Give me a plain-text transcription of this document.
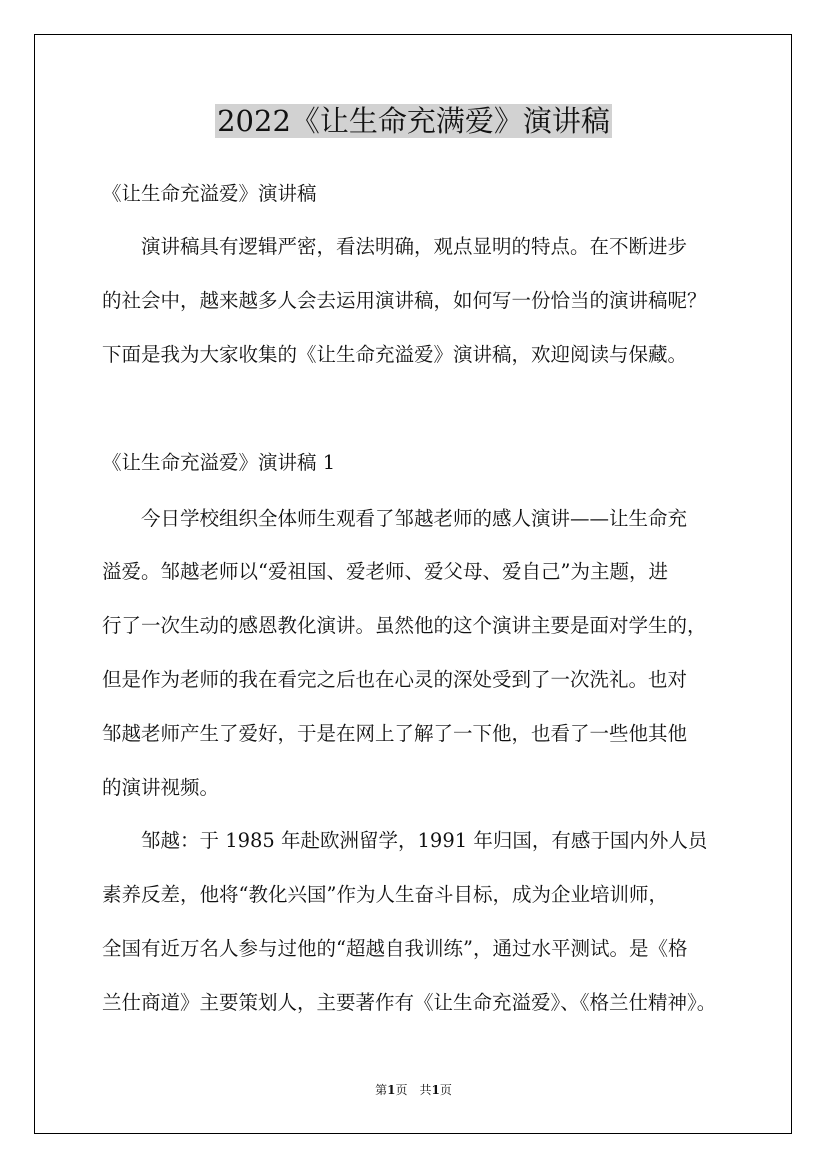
2022《让生命充满爱》演讲稿
《让生命充溢爱》演讲稿
演讲稿具有逻辑严密，看法明确，观点显明的特点。在不断进步
的社会中，越来越多人会去运用演讲稿，如何写一份恰当的演讲稿呢？
下面是我为大家收集的《让生命充溢爱》演讲稿，欢迎阅读与保藏。
《让生命充溢爱》演讲稿 1
今日学校组织全体师生观看了邹越老师的感人演讲——让生命充
溢爱。邹越老师以“爱祖国、爱老师、爱父母、爱自己”为主题，进
行了一次生动的感恩教化演讲。虽然他的这个演讲主要是面对学生的，
但是作为老师的我在看完之后也在心灵的深处受到了一次洗礼。也对
邹越老师产生了爱好，于是在网上了解了一下他，也看了一些他其他
的演讲视频。
邹越：于 1985 年赴欧洲留学，1991 年归国，有感于国内外人员
素养反差，他将“教化兴国”作为人生奋斗目标，成为企业培训师，
全国有近万名人参与过他的“超越自我训练”，通过水平测试。是《格
兰仕商道》主要策划人，主要著作有《让生命充溢爱》、《格兰仕精神》。
第1页　共1页
